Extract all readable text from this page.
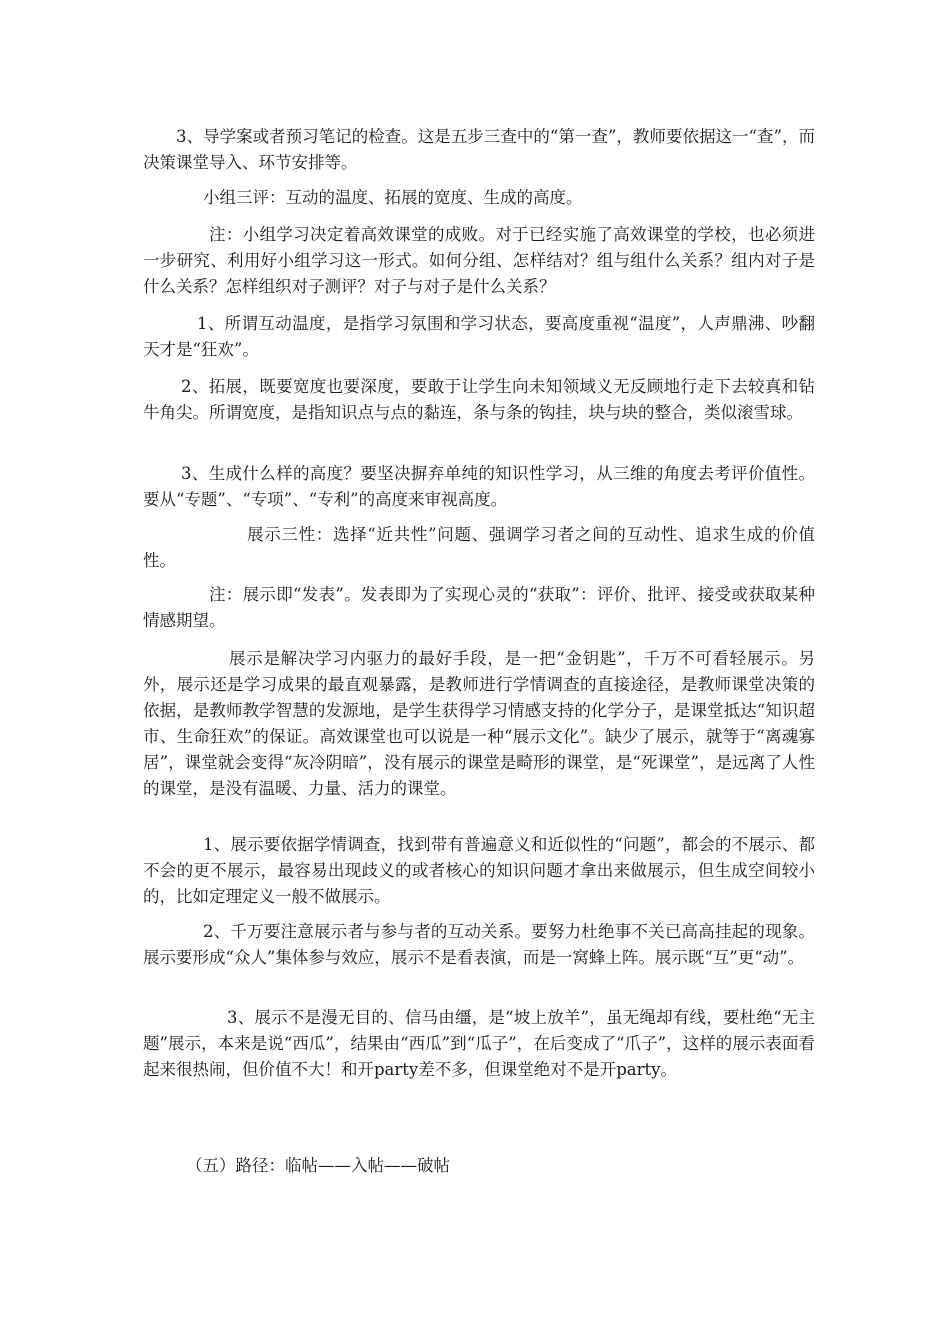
3、导学案或者预习笔记的检查。这是五步三查中的“第一查”，教师要依据这一“查”，而决策课堂导入、环节安排等。

小组三评：互动的温度、拓展的宽度、生成的高度。

注：小组学习决定着高效课堂的成败。对于已经实施了高效课堂的学校，也必须进一步研究、利用好小组学习这一形式。如何分组、怎样结对？组与组什么关系？组内对子是什么关系？怎样组织对子测评？对子与对子是什么关系？

1、所谓互动温度，是指学习氛围和学习状态，要高度重视“温度”，人声鼎沸、吵翻天才是“狂欢”。

2、拓展，既要宽度也要深度，要敢于让学生向未知领域义无反顾地行走下去较真和钻牛角尖。所谓宽度，是指知识点与点的黏连，条与条的钩挂，块与块的整合，类似滚雪球。

3、生成什么样的高度？要坚决摒弃单纯的知识性学习，从三维的角度去考评价值性。要从“专题”、“专项”、“专利”的高度来审视高度。

展示三性：选择“近共性”问题、强调学习者之间的互动性、追求生成的价值性。

注：展示即“发表”。发表即为了实现心灵的“获取”：评价、批评、接受或获取某种情感期望。

展示是解决学习内驱力的最好手段，是一把“金钥匙”，千万不可看轻展示。另外，展示还是学习成果的最直观暴露，是教师进行学情调查的直接途径，是教师课堂决策的依据，是教师教学智慧的发源地，是学生获得学习情感支持的化学分子，是课堂抵达“知识超市、生命狂欢”的保证。高效课堂也可以说是一种“展示文化”。缺少了展示，就等于“离魂寡居”，课堂就会变得“灰冷阴暗”，没有展示的课堂是畸形的课堂，是“死课堂”，是远离了人性的课堂，是没有温暖、力量、活力的课堂。

1、展示要依据学情调查，找到带有普遍意义和近似性的“问题”，都会的不展示、都不会的更不展示，最容易出现歧义的或者核心的知识问题才拿出来做展示，但生成空间较小的，比如定理定义一般不做展示。

2、千万要注意展示者与参与者的互动关系。要努力杜绝事不关已高高挂起的现象。展示要形成“众人”集体参与效应，展示不是看表演，而是一窝蜂上阵。展示既“互”更“动”。

3、展示不是漫无目的、信马由缰，是“坡上放羊”，虽无绳却有线，要杜绝“无主题”展示，本来是说“西瓜”，结果由“西瓜”到“瓜子”，在后变成了“爪子”，这样的展示表面看起来很热闹，但价值不大！和开party差不多，但课堂绝对不是开party。

（五）路径：临帖——入帖——破帖
